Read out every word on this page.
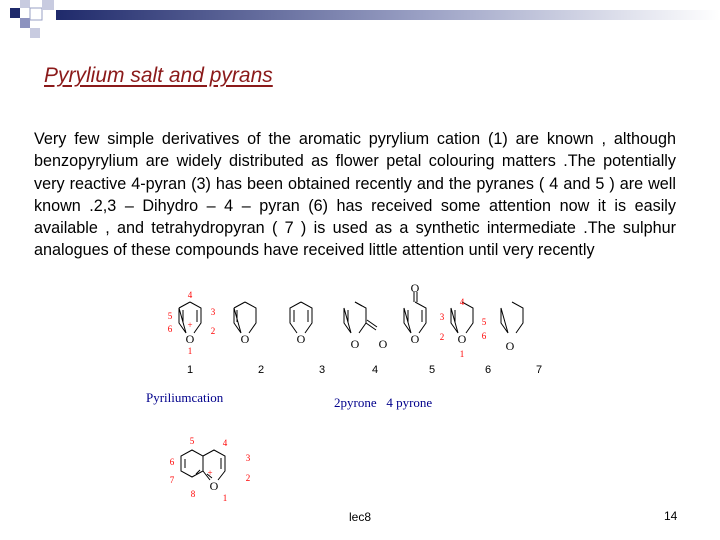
Pyrylium salt and pyrans
Very few simple derivatives of the aromatic pyrylium cation (1) are known , although benzopyrylium are widely distributed as flower petal colouring matters .The potentially very reactive 4-pyran (3) has been obtained recently and the pyranes ( 4 and 5 ) are well known .2,3 – Dihydro – 4 – pyran (6) has received some attention now it is easily available , and tetrahydropyran ( 7 ) is used as a synthetic intermediate .The sulphur analogues of these compounds have received little attention until very recently
O	O	O	O O O
O
O	O
O
+
+
1
2
3
4
5
6
1
2
3
4
5
6
1
2
3
4
5
6
7
8
1	2	3	4	5	6	7
Pyriliumcation	2pyrone   4 pyrone
lec8	14
